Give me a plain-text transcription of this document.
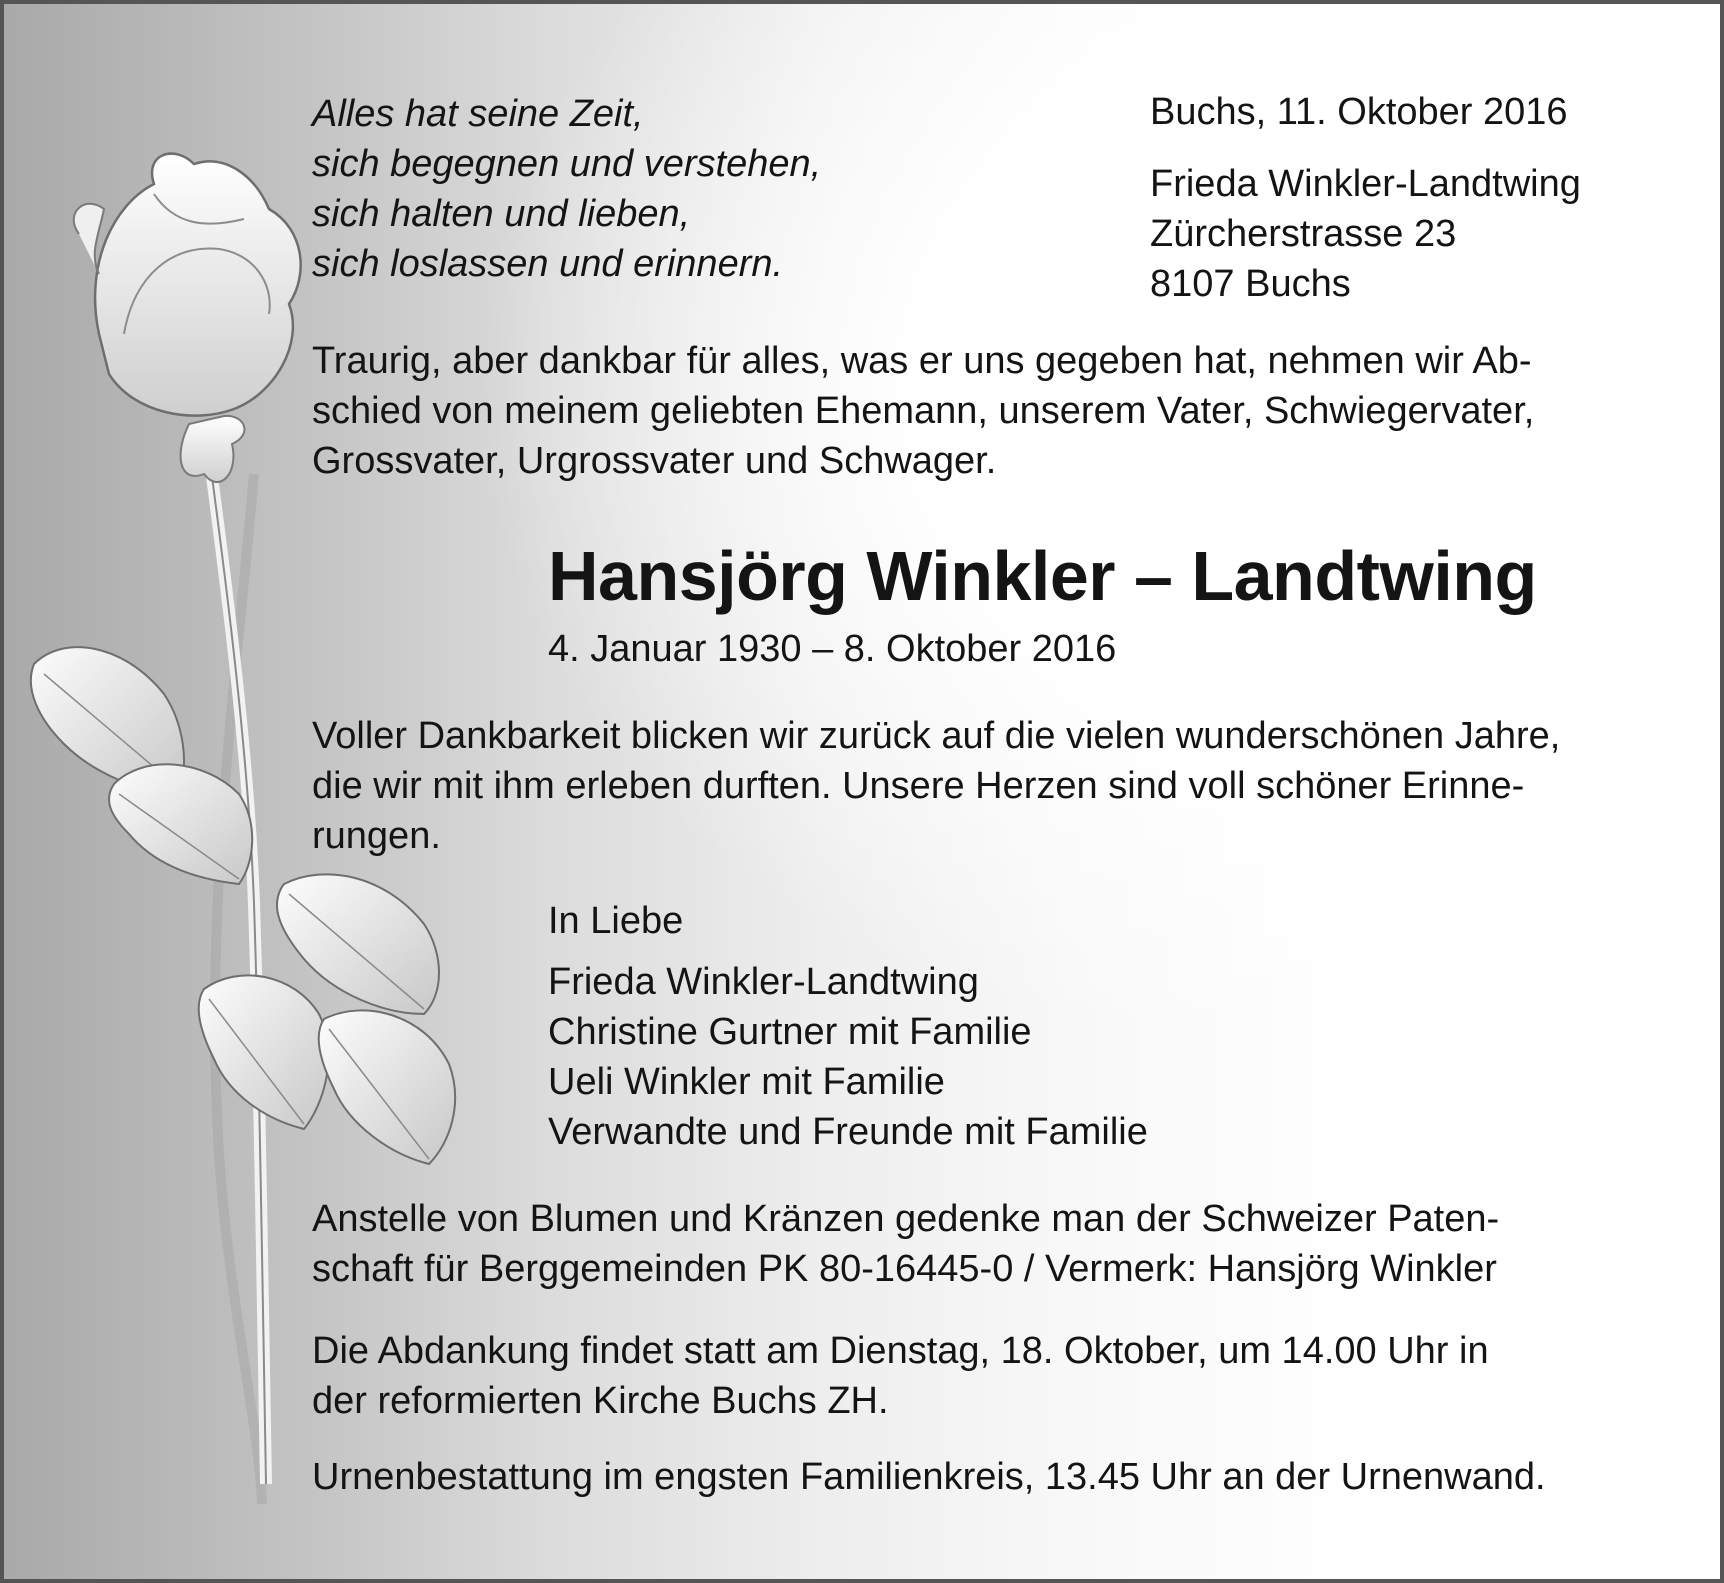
Alles hat seine Zeit,
sich begegnen und verstehen,
sich halten und lieben,
sich loslassen und erinnern.
Buchs, 11. Oktober 2016
Frieda Winkler-Landtwing
Zürcherstrasse 23
8107 Buchs
Traurig, aber dankbar für alles, was er uns gegeben hat, nehmen wir Ab-
schied von meinem geliebten Ehemann, unserem Vater, Schwiegervater,
Grossvater, Urgrossvater und Schwager.
Hansjörg Winkler – Landtwing
4. Januar 1930 – 8. Oktober 2016
Voller Dankbarkeit blicken wir zurück auf die vielen wunderschönen Jahre,
die wir mit ihm erleben durften. Unsere Herzen sind voll schöner Erinne-
rungen.
In Liebe
Frieda Winkler-Landtwing
Christine Gurtner mit Familie
Ueli Winkler mit Familie
Verwandte und Freunde mit Familie
Anstelle von Blumen und Kränzen gedenke man der Schweizer Paten-
schaft für Berggemeinden PK 80-16445-0 / Vermerk: Hansjörg Winkler
Die Abdankung findet statt am Dienstag, 18. Oktober, um 14.00 Uhr in
der reformierten Kirche Buchs ZH.
Urnenbestattung im engsten Familienkreis, 13.45 Uhr an der Urnenwand.
